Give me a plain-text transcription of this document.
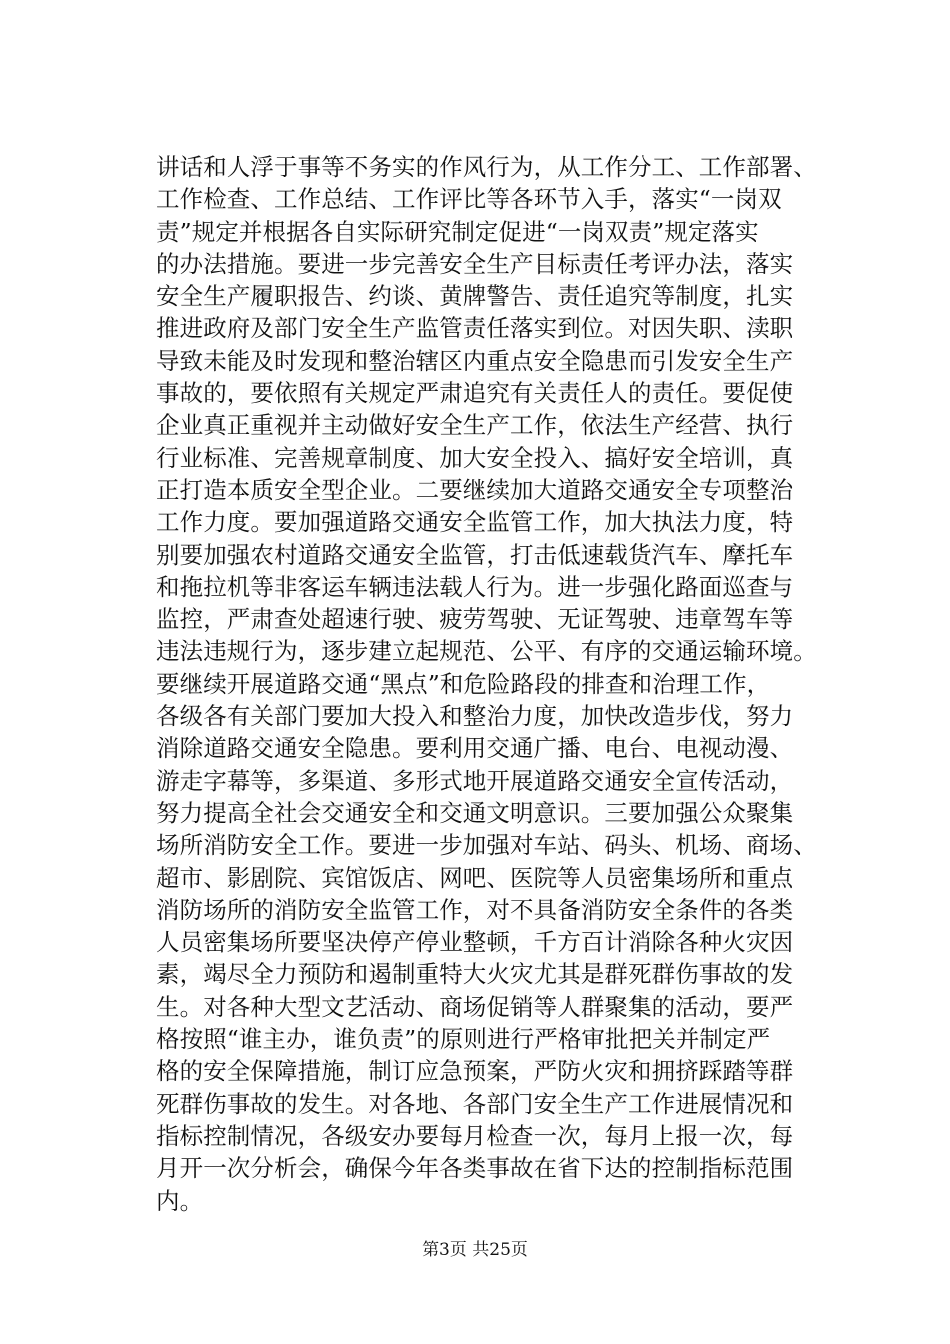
讲话和人浮于事等不务实的作风行为，从工作分工、工作部署、
工作检查、工作总结、工作评比等各环节入手，落实“一岗双
责”规定并根据各自实际研究制定促进“一岗双责”规定落实
的办法措施。要进一步完善安全生产目标责任考评办法，落实
安全生产履职报告、约谈、黄牌警告、责任追究等制度，扎实
推进政府及部门安全生产监管责任落实到位。对因失职、渎职
导致未能及时发现和整治辖区内重点安全隐患而引发安全生产
事故的，要依照有关规定严肃追究有关责任人的责任。要促使
企业真正重视并主动做好安全生产工作，依法生产经营、执行
行业标准、完善规章制度、加大安全投入、搞好安全培训，真
正打造本质安全型企业。二要继续加大道路交通安全专项整治
工作力度。要加强道路交通安全监管工作，加大执法力度，特
别要加强农村道路交通安全监管，打击低速载货汽车、摩托车
和拖拉机等非客运车辆违法载人行为。进一步强化路面巡查与
监控，严肃查处超速行驶、疲劳驾驶、无证驾驶、违章驾车等
违法违规行为，逐步建立起规范、公平、有序的交通运输环境。
要继续开展道路交通“黑点”和危险路段的排查和治理工作，
各级各有关部门要加大投入和整治力度，加快改造步伐，努力
消除道路交通安全隐患。要利用交通广播、电台、电视动漫、
游走字幕等，多渠道、多形式地开展道路交通安全宣传活动，
努力提高全社会交通安全和交通文明意识。三要加强公众聚集
场所消防安全工作。要进一步加强对车站、码头、机场、商场、
超市、影剧院、宾馆饭店、网吧、医院等人员密集场所和重点
消防场所的消防安全监管工作，对不具备消防安全条件的各类
人员密集场所要坚决停产停业整顿，千方百计消除各种火灾因
素，竭尽全力预防和遏制重特大火灾尤其是群死群伤事故的发
生。对各种大型文艺活动、商场促销等人群聚集的活动，要严
格按照“谁主办，谁负责”的原则进行严格审批把关并制定严
格的安全保障措施，制订应急预案，严防火灾和拥挤踩踏等群
死群伤事故的发生。对各地、各部门安全生产工作进展情况和
指标控制情况，各级安办要每月检查一次，每月上报一次，每
月开一次分析会，确保今年各类事故在省下达的控制指标范围
内。
第3页 共25页
